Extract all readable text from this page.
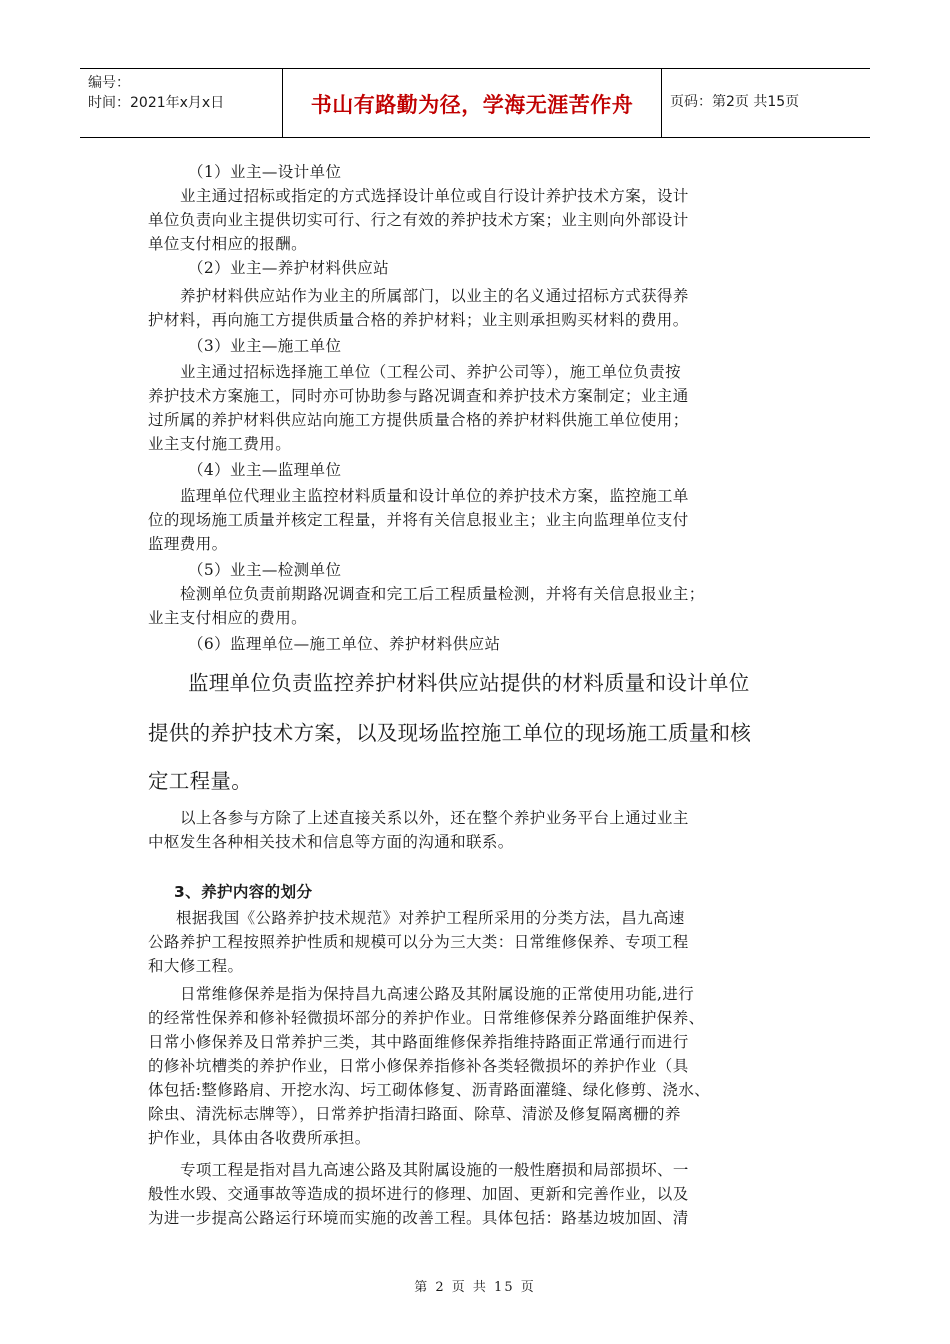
编号：
时间：2021年x月x日	书山有路勤为径，学海无涯苦作舟	页码：第2页 共15页
（1）业主—设计单位
业主通过招标或指定的方式选择设计单位或自行设计养护技术方案，设计
单位负责向业主提供切实可行、行之有效的养护技术方案；业主则向外部设计
单位支付相应的报酬。
（2）业主—养护材料供应站
养护材料供应站作为业主的所属部门，以业主的名义通过招标方式获得养
护材料，再向施工方提供质量合格的养护材料；业主则承担购买材料的费用。
（3）业主—施工单位
业主通过招标选择施工单位（工程公司、养护公司等），施工单位负责按
养护技术方案施工，同时亦可协助参与路况调查和养护技术方案制定；业主通
过所属的养护材料供应站向施工方提供质量合格的养护材料供施工单位使用；
业主支付施工费用。
（4）业主—监理单位
监理单位代理业主监控材料质量和设计单位的养护技术方案，监控施工单
位的现场施工质量并核定工程量，并将有关信息报业主；业主向监理单位支付
监理费用。
（5）业主—检测单位
检测单位负责前期路况调查和完工后工程质量检测，并将有关信息报业主；
业主支付相应的费用。
（6）监理单位—施工单位、养护材料供应站
监理单位负责监控养护材料供应站提供的材料质量和设计单位
提供的养护技术方案，以及现场监控施工单位的现场施工质量和核
定工程量。
以上各参与方除了上述直接关系以外，还在整个养护业务平台上通过业主
中枢发生各种相关技术和信息等方面的沟通和联系。
3、养护内容的划分
根据我国《公路养护技术规范》对养护工程所采用的分类方法，昌九高速
公路养护工程按照养护性质和规模可以分为三大类：日常维修保养、专项工程
和大修工程。
日常维修保养是指为保持昌九高速公路及其附属设施的正常使用功能,进行
的经常性保养和修补轻微损坏部分的养护作业。日常维修保养分路面维护保养、
日常小修保养及日常养护三类，其中路面维修保养指维持路面正常通行而进行
的修补坑槽类的养护作业，日常小修保养指修补各类轻微损坏的养护作业（具
体包括:整修路肩、开挖水沟、圬工砌体修复、沥青路面灌缝、绿化修剪、浇水、
除虫、清洗标志牌等），日常养护指清扫路面、除草、清淤及修复隔离栅的养
护作业，具体由各收费所承担。
专项工程是指对昌九高速公路及其附属设施的一般性磨损和局部损坏、一
般性水毁、交通事故等造成的损坏进行的修理、加固、更新和完善作业，以及
为进一步提高公路运行环境而实施的改善工程。具体包括：路基边坡加固、清
第 2 页 共 15 页
